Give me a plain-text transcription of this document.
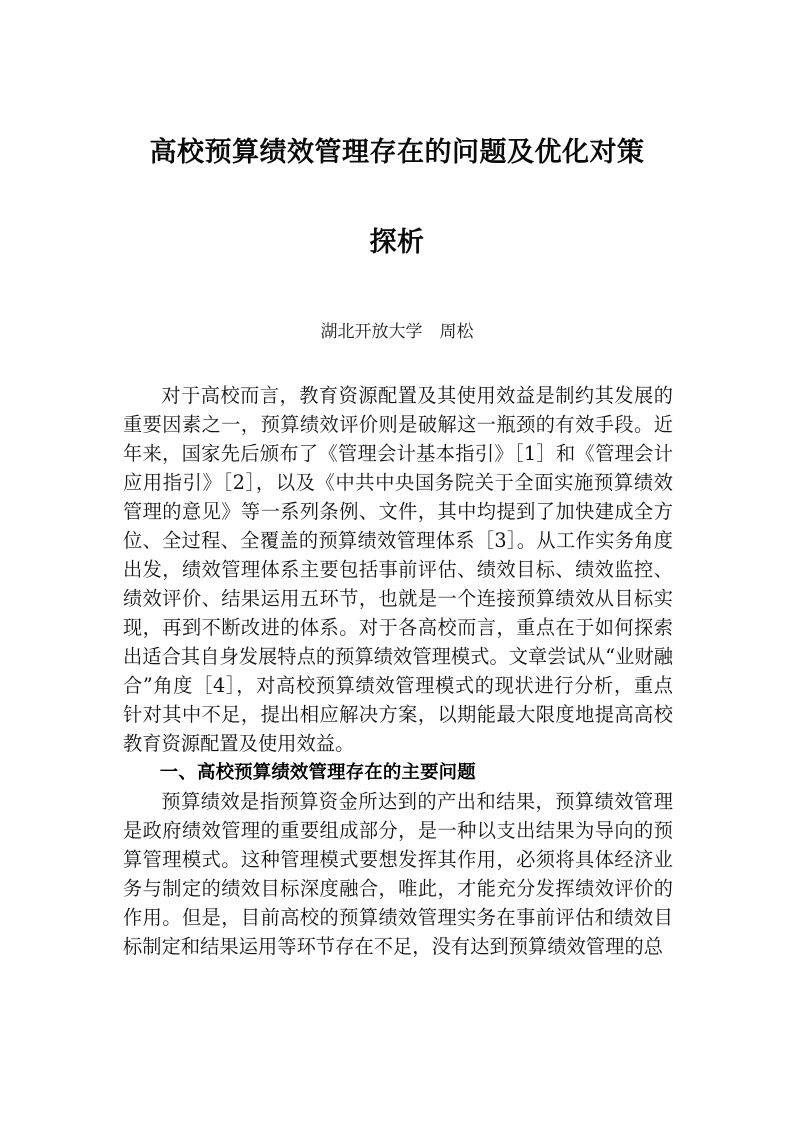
高校预算绩效管理存在的问题及优化对策
探析
湖北开放大学　周松

对于高校而言，教育资源配置及其使用效益是制约其发展的重要因素之一，预算绩效评价则是破解这一瓶颈的有效手段。近年来，国家先后颁布了《管理会计基本指引》［1］和《管理会计应用指引》［2］，以及《中共中央国务院关于全面实施预算绩效管理的意见》等一系列条例、文件，其中均提到了加快建成全方位、全过程、全覆盖的预算绩效管理体系［3］。从工作实务角度出发，绩效管理体系主要包括事前评估、绩效目标、绩效监控、绩效评价、结果运用五环节，也就是一个连接预算绩效从目标实现，再到不断改进的体系。对于各高校而言，重点在于如何探索出适合其自身发展特点的预算绩效管理模式。文章尝试从“业财融合”角度［4］，对高校预算绩效管理模式的现状进行分析，重点针对其中不足，提出相应解决方案，以期能最大限度地提高高校教育资源配置及使用效益。

一、高校预算绩效管理存在的主要问题

预算绩效是指预算资金所达到的产出和结果，预算绩效管理是政府绩效管理的重要组成部分，是一种以支出结果为导向的预算管理模式。这种管理模式要想发挥其作用，必须将具体经济业务与制定的绩效目标深度融合，唯此，才能充分发挥绩效评价的作用。但是，目前高校的预算绩效管理实务在事前评估和绩效目标制定和结果运用等环节存在不足，没有达到预算绩效管理的总
